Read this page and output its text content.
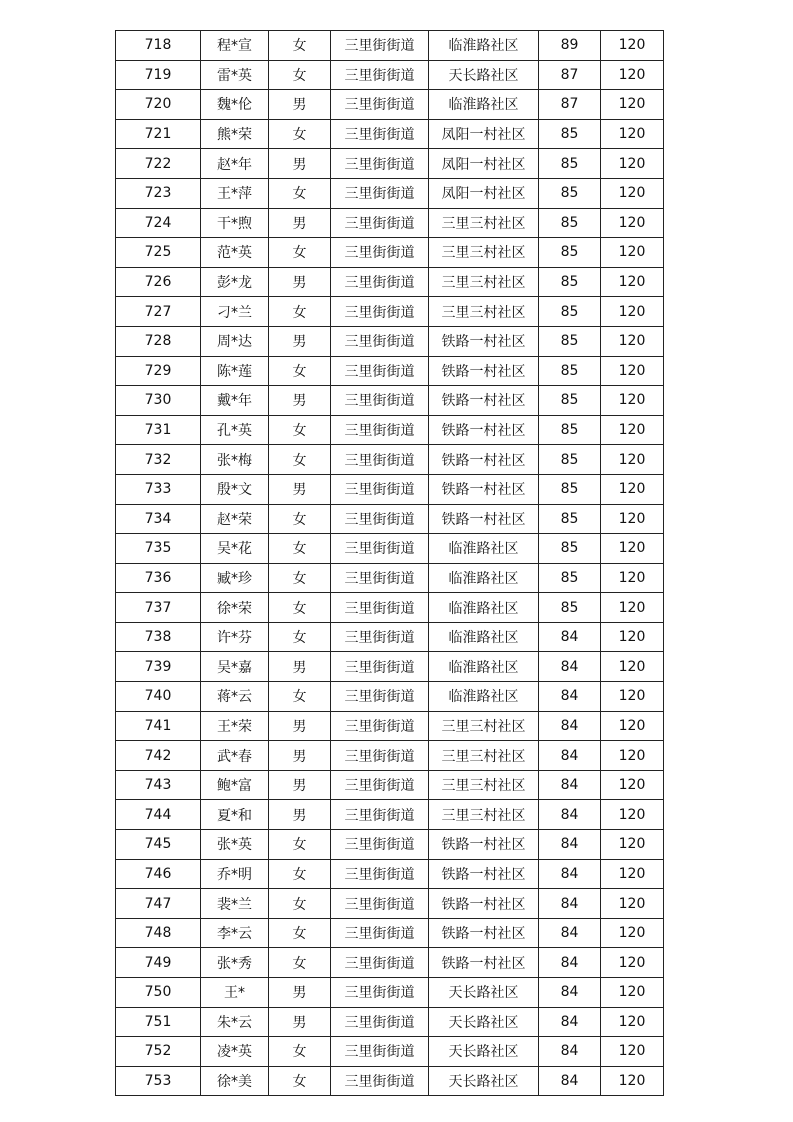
718	程*宣	女	三里街街道	临淮路社区	89	120
719	雷*英	女	三里街街道	天长路社区	87	120
720	魏*伦	男	三里街街道	临淮路社区	87	120
721	熊*荣	女	三里街街道	凤阳一村社区	85	120
722	赵*年	男	三里街街道	凤阳一村社区	85	120
723	王*萍	女	三里街街道	凤阳一村社区	85	120
724	干*煦	男	三里街街道	三里三村社区	85	120
725	范*英	女	三里街街道	三里三村社区	85	120
726	彭*龙	男	三里街街道	三里三村社区	85	120
727	刁*兰	女	三里街街道	三里三村社区	85	120
728	周*达	男	三里街街道	铁路一村社区	85	120
729	陈*莲	女	三里街街道	铁路一村社区	85	120
730	戴*年	男	三里街街道	铁路一村社区	85	120
731	孔*英	女	三里街街道	铁路一村社区	85	120
732	张*梅	女	三里街街道	铁路一村社区	85	120
733	殷*文	男	三里街街道	铁路一村社区	85	120
734	赵*荣	女	三里街街道	铁路一村社区	85	120
735	吴*花	女	三里街街道	临淮路社区	85	120
736	臧*珍	女	三里街街道	临淮路社区	85	120
737	徐*荣	女	三里街街道	临淮路社区	85	120
738	许*芬	女	三里街街道	临淮路社区	84	120
739	吴*嘉	男	三里街街道	临淮路社区	84	120
740	蒋*云	女	三里街街道	临淮路社区	84	120
741	王*荣	男	三里街街道	三里三村社区	84	120
742	武*春	男	三里街街道	三里三村社区	84	120
743	鲍*富	男	三里街街道	三里三村社区	84	120
744	夏*和	男	三里街街道	三里三村社区	84	120
745	张*英	女	三里街街道	铁路一村社区	84	120
746	乔*明	女	三里街街道	铁路一村社区	84	120
747	裴*兰	女	三里街街道	铁路一村社区	84	120
748	李*云	女	三里街街道	铁路一村社区	84	120
749	张*秀	女	三里街街道	铁路一村社区	84	120
750	王*	男	三里街街道	天长路社区	84	120
751	朱*云	男	三里街街道	天长路社区	84	120
752	凌*英	女	三里街街道	天长路社区	84	120
753	徐*美	女	三里街街道	天长路社区	84	120
